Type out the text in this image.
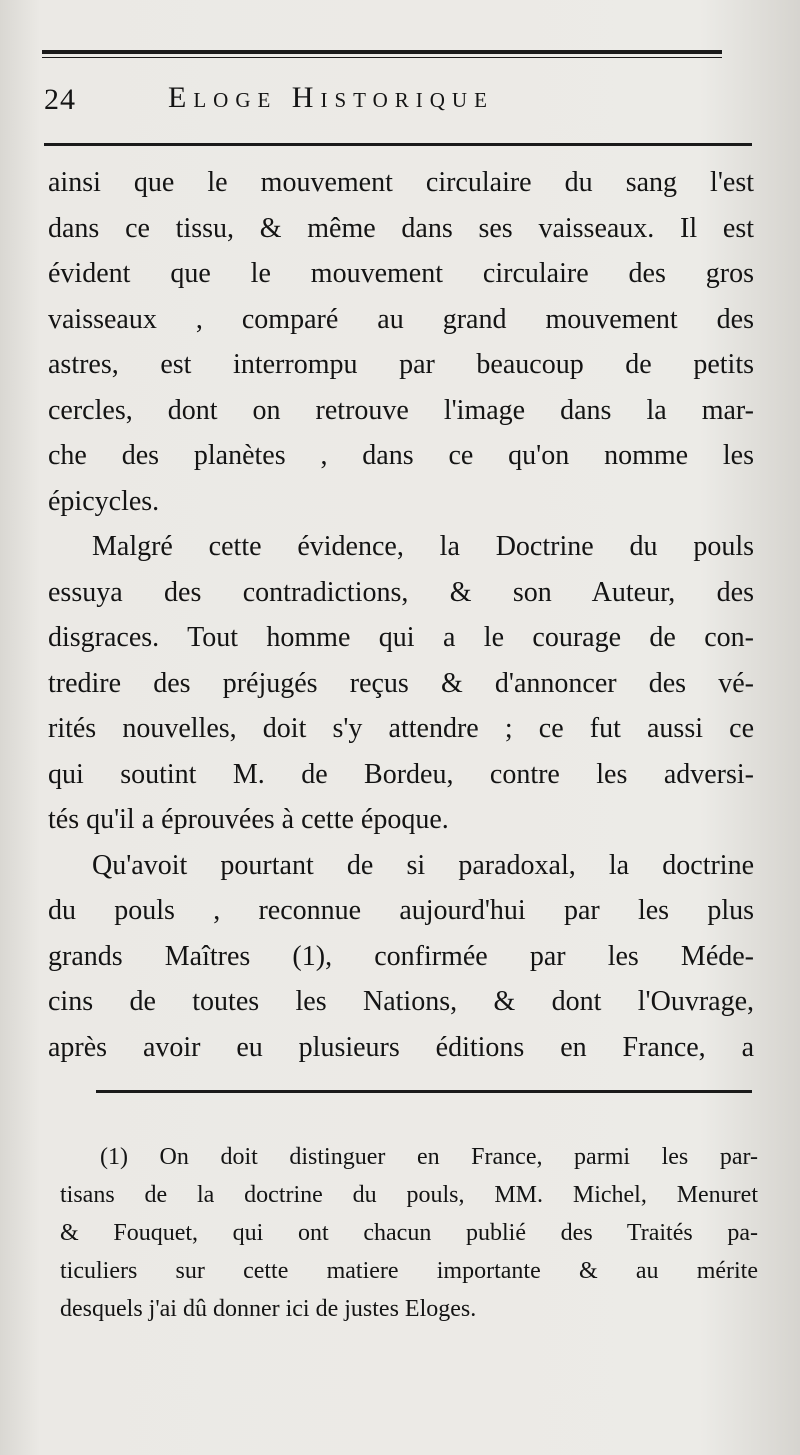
24	Eloge Historique
ainsi que le mouvement circulaire du sang l'est
dans ce tissu, & même dans ses vaisseaux. Il est
évident que le mouvement circulaire des gros
vaisseaux , comparé au grand mouvement des
astres, est interrompu par beaucoup de petits
cercles, dont on retrouve l'image dans la mar-
che des planètes , dans ce qu'on nomme les
épicycles.
Malgré cette évidence, la Doctrine du pouls
essuya des contradictions, & son Auteur, des
disgraces. Tout homme qui a le courage de con-
tredire des préjugés reçus & d'annoncer des vé-
rités nouvelles, doit s'y attendre ; ce fut aussi ce
qui soutint M. de Bordeu, contre les adversi-
tés qu'il a éprouvées à cette époque.
Qu'avoit pourtant de si paradoxal, la doctrine
du pouls , reconnue aujourd'hui par les plus
grands Maîtres (1), confirmée par les Méde-
cins de toutes les Nations, & dont l'Ouvrage,
après avoir eu plusieurs éditions en France, a
(1) On doit distinguer en France, parmi les par-
tisans de la doctrine du pouls, MM. Michel, Menuret
& Fouquet, qui ont chacun publié des Traités pa-
ticuliers sur cette matiere importante & au mérite
desquels j'ai dû donner ici de justes Eloges.
